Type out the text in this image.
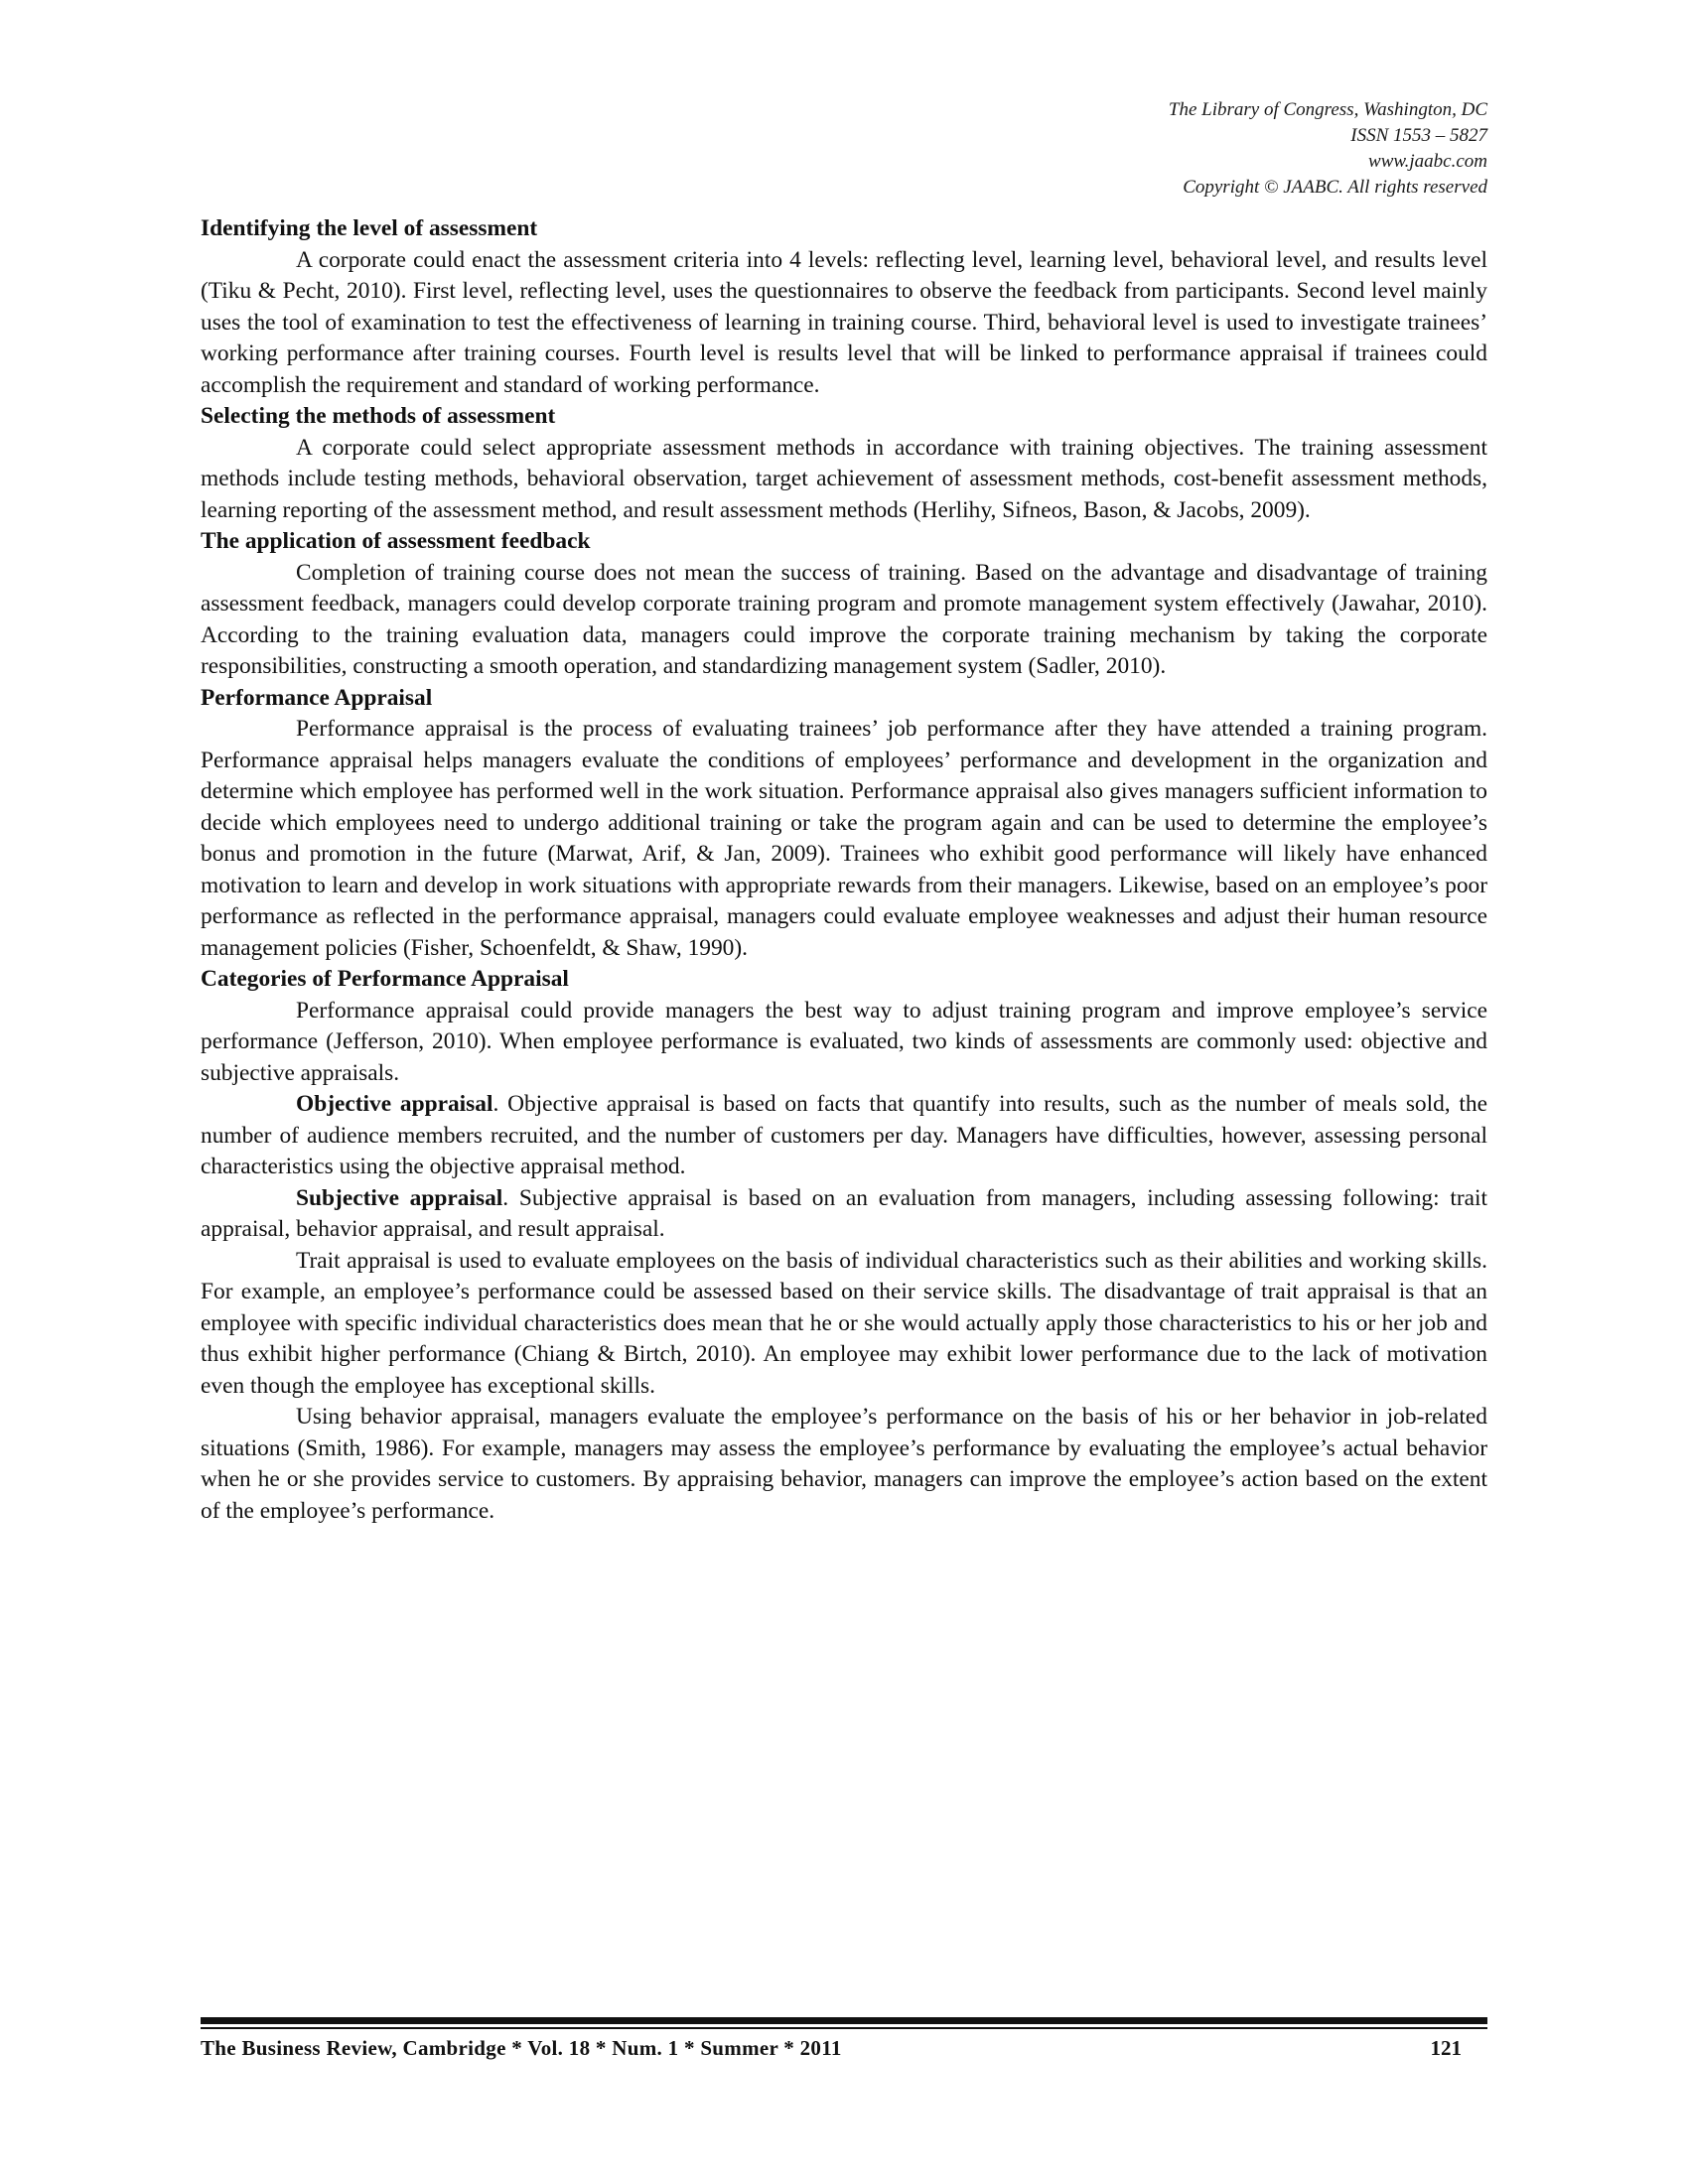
The Library of Congress, Washington, DC
ISSN 1553 – 5827
www.jaabc.com
Copyright © JAABC. All rights reserved
Identifying the level of assessment

A corporate could enact the assessment criteria into 4 levels: reflecting level, learning level, behavioral level, and results level (Tiku & Pecht, 2010). First level, reflecting level, uses the questionnaires to observe the feedback from participants. Second level mainly uses the tool of examination to test the effectiveness of learning in training course. Third, behavioral level is used to investigate trainees’ working performance after training courses. Fourth level is results level that will be linked to performance appraisal if trainees could accomplish the requirement and standard of working performance.

Selecting the methods of assessment

A corporate could select appropriate assessment methods in accordance with training objectives. The training assessment methods include testing methods, behavioral observation, target achievement of assessment methods, cost-benefit assessment methods, learning reporting of the assessment method, and result assessment methods (Herlihy, Sifneos, Bason, & Jacobs, 2009).

The application of assessment feedback

Completion of training course does not mean the success of training. Based on the advantage and disadvantage of training assessment feedback, managers could develop corporate training program and promote management system effectively (Jawahar, 2010). According to the training evaluation data, managers could improve the corporate training mechanism by taking the corporate responsibilities, constructing a smooth operation, and standardizing management system (Sadler, 2010).

Performance Appraisal

Performance appraisal is the process of evaluating trainees’ job performance after they have attended a training program. Performance appraisal helps managers evaluate the conditions of employees’ performance and development in the organization and determine which employee has performed well in the work situation. Performance appraisal also gives managers sufficient information to decide which employees need to undergo additional training or take the program again and can be used to determine the employee’s bonus and promotion in the future (Marwat, Arif, & Jan, 2009). Trainees who exhibit good performance will likely have enhanced motivation to learn and develop in work situations with appropriate rewards from their managers. Likewise, based on an employee’s poor performance as reflected in the performance appraisal, managers could evaluate employee weaknesses and adjust their human resource management policies (Fisher, Schoenfeldt, & Shaw, 1990).

Categories of Performance Appraisal

Performance appraisal could provide managers the best way to adjust training program and improve employee’s service performance (Jefferson, 2010). When employee performance is evaluated, two kinds of assessments are commonly used: objective and subjective appraisals.

Objective appraisal. Objective appraisal is based on facts that quantify into results, such as the number of meals sold, the number of audience members recruited, and the number of customers per day. Managers have difficulties, however, assessing personal characteristics using the objective appraisal method.

Subjective appraisal. Subjective appraisal is based on an evaluation from managers, including assessing following: trait appraisal, behavior appraisal, and result appraisal.

Trait appraisal is used to evaluate employees on the basis of individual characteristics such as their abilities and working skills. For example, an employee’s performance could be assessed based on their service skills. The disadvantage of trait appraisal is that an employee with specific individual characteristics does mean that he or she would actually apply those characteristics to his or her job and thus exhibit higher performance (Chiang & Birtch, 2010). An employee may exhibit lower performance due to the lack of motivation even though the employee has exceptional skills.

Using behavior appraisal, managers evaluate the employee’s performance on the basis of his or her behavior in job-related situations (Smith, 1986). For example, managers may assess the employee’s performance by evaluating the employee’s actual behavior when he or she provides service to customers. By appraising behavior, managers can improve the employee’s action based on the extent of the employee’s performance.

The Business Review, Cambridge * Vol. 18 * Num. 1 * Summer * 2011	121
